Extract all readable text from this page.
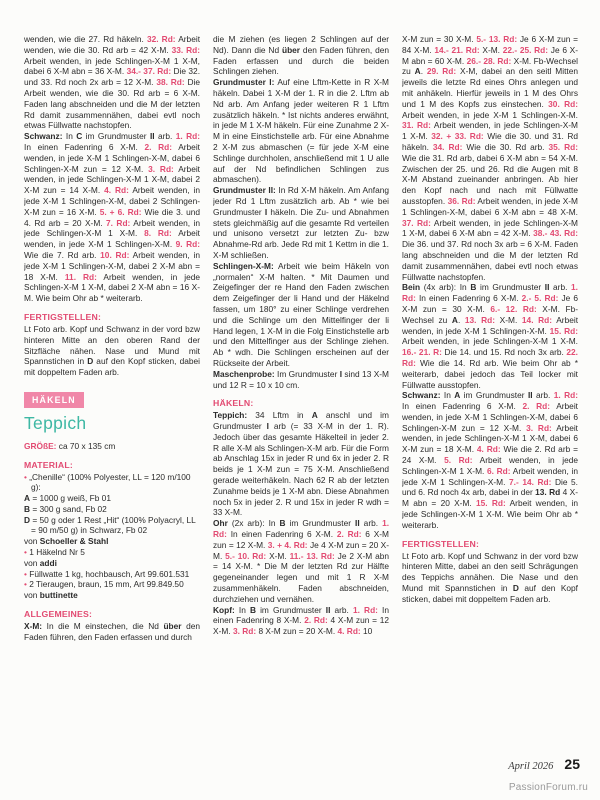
wenden, wie die 27. Rd häkeln. 32. Rd: Arbeit wenden, wie die 30. Rd arb = 42 X-M. 33. Rd: Arbeit wenden, in jede Schlingen-X-M 1 X-M, dabei 6 X-M abn = 36 X-M. 34.- 37. Rd: Die 32. und 33. Rd noch 2x arb = 12 X-M. 38. Rd: Die Arbeit wenden, wie die 30. Rd arb = 6 X-M. Faden lang abschneiden und die M der letzten Rd damit zusammennähen, dabei evtl noch etwas Füllwatte nachstopfen.

Schwanz: In C im Grundmuster II arb. 1. Rd: In einen Fadenring 6 X-M. 2. Rd: Arbeit wenden, in jede X-M 1 Schlingen-X-M, dabei 6 Schlingen-X-M zun = 12 X-M. 3. Rd: Arbeit wenden, in jede Schlingen-X-M 1 X-M, dabei 2 X-M zun = 14 X-M. 4. Rd: Arbeit wenden, in jede X-M 1 Schlingen-X-M, dabei 2 Schlingen-X-M zun = 16 X-M. 5. + 6. Rd: Wie die 3. und 4. Rd arb = 20 X-M. 7. Rd: Arbeit wenden, in jede Schlingen-X-M 1 X-M. 8. Rd: Arbeit wenden, in jede X-M 1 Schlingen-X-M. 9. Rd: Wie die 7. Rd arb. 10. Rd: Arbeit wenden, in jede X-M 1 Schlingen-X-M, dabei 2 X-M abn = 18 X-M. 11. Rd: Arbeit wenden, in jede Schlingen-X-M 1 X-M, dabei 2 X-M abn = 16 X-M. Wie beim Ohr ab * weiterarb.

FERTIGSTELLEN:

Lt Foto arb. Kopf und Schwanz in der vord bzw hinteren Mitte an den oberen Rand der Sitzfläche nähen. Nase und Mund mit Spannstichen in D auf den Kopf sticken, dabei mit doppeltem Faden arb.

HÄKELN
Teppich

GRÖßE: ca 70 x 135 cm

MATERIAL:

• „Chenille“ (100% Polyester, LL = 120 m/100 g):

A = 1000 g weiß, Fb 01

B = 300 g sand, Fb 02

D = 50 g oder 1 Rest „Hit“ (100% Polyacryl, LL = 90 m/50 g) in Schwarz, Fb 02

von Schoeller & Stahl

• 1 Häkelnd Nr 5

von addi

• Füllwatte 1 kg, hochbausch, Art 99.601.531

• 2 Tieraugen, braun, 15 mm, Art 99.849.50

von buttinette

ALLGEMEINES:

X-M: In die M einstechen, die Nd über den Faden führen, den Faden erfassen und durch

die M ziehen (es liegen 2 Schlingen auf der Nd). Dann die Nd über den Faden führen, den Faden erfassen und durch die beiden Schlingen ziehen.

Grundmuster I: Auf eine Lftm-Kette in R X-M häkeln. Dabei 1 X-M der 1. R in die 2. Lftm ab Nd arb. Am Anfang jeder weiteren R 1 Lftm zusätzlich häkeln. * Ist nichts anderes erwähnt, in jede M 1 X-M häkeln. Für eine Zunahme 2 X-M in eine Einstichstelle arb. Für eine Abnahme 2 X-M zus abmaschen (= für jede X-M eine Schlinge durchholen, anschließend mit 1 U alle auf der Nd befindlichen Schlingen zus abmaschen).

Grundmuster II: In Rd X-M häkeln. Am Anfang jeder Rd 1 Lftm zusätzlich arb. Ab * wie bei Grundmuster I häkeln. Die Zu- und Abnahmen stets gleichmäßig auf die gesamte Rd verteilen und unisono versetzt zur letzten Zu- bzw Abnahme-Rd arb. Jede Rd mit 1 Kettm in die 1. X-M schließen.

Schlingen-X-M: Arbeit wie beim Häkeln von „normalen“ X-M halten. * Mit Daumen und Zeigefinger der re Hand den Faden zwischen dem Zeigefinger der li Hand und der Häkelnd fassen, um 180° zu einer Schlinge verdrehen und die Schlinge um den Mittelfinger der li Hand legen, 1 X-M in die Folg Einstichstelle arb und den Mittelfinger aus der Schlinge ziehen. Ab * wdh. Die Schlingen erscheinen auf der Rückseite der Arbeit.

Maschenprobe: Im Grundmuster I sind 13 X-M und 12 R = 10 x 10 cm.

HÄKELN:

Teppich: 34 Lftm in A anschl und im Grundmuster I arb (= 33 X-M in der 1. R). Jedoch über das gesamte Häkelteil in jeder 2. R alle X-M als Schlingen-X-M arb. Für die Form ab Anschlag 15x in jeder R und 6x in jeder 2. R beids je 1 X-M zun = 75 X-M. Anschließend gerade weiterhäkeln. Nach 62 R ab der letzten Zunahme beids je 1 X-M abn. Diese Abnahmen noch 5x in jeder 2. R und 15x in jeder R wdh = 33 X-M.

Ohr (2x arb): In B im Grundmuster II arb. 1. Rd: In einen Fadenring 6 X-M. 2. Rd: 6 X-M zun = 12 X-M. 3. + 4. Rd: Je 4 X-M zun = 20 X-M. 5.- 10. Rd: X-M. 11.- 13. Rd: Je 2 X-M abn = 14 X-M. * Die M der letzten Rd zur Hälfte gegeneinander legen und mit 1 R X-M zusammenhäkeln. Faden abschneiden, durchziehen und vernähen.

Kopf: In B im Grundmuster II arb. 1. Rd: In einen Fadenring 8 X-M. 2. Rd: 4 X-M zun = 12 X-M. 3. Rd: 8 X-M zun = 20 X-M. 4. Rd: 10

X-M zun = 30 X-M. 5.- 13. Rd: Je 6 X-M zun = 84 X-M. 14.- 21. Rd: X-M. 22.- 25. Rd: Je 6 X-M abn = 60 X-M. 26.- 28. Rd: X-M. Fb-Wechsel zu A. 29. Rd: X-M, dabei an den seitl Mitten jeweils die letzte Rd eines Ohrs anlegen und mit anhäkeln. Hierfür jeweils in 1 M des Ohrs und 1 M des Kopfs zus einstechen. 30. Rd: Arbeit wenden, in jede X-M 1 Schlingen-X-M. 31. Rd: Arbeit wenden, in jede Schlingen-X-M 1 X-M. 32. + 33. Rd: Wie die 30. und 31. Rd häkeln. 34. Rd: Wie die 30. Rd arb. 35. Rd: Wie die 31. Rd arb, dabei 6 X-M abn = 54 X-M. Zwischen der 25. und 26. Rd die Augen mit 8 X-M Abstand zueinander anbringen. Ab hier den Kopf nach und nach mit Füllwatte ausstopfen. 36. Rd: Arbeit wenden, in jede X-M 1 Schlingen-X-M, dabei 6 X-M abn = 48 X-M. 37. Rd: Arbeit wenden, in jede Schlingen-X-M 1 X-M, dabei 6 X-M abn = 42 X-M. 38.- 43. Rd: Die 36. und 37. Rd noch 3x arb = 6 X-M. Faden lang abschneiden und die M der letzten Rd damit zusammennähen, dabei evtl noch etwas Füllwatte nachstopfen.

Bein (4x arb): In B im Grundmuster II arb. 1. Rd: In einen Fadenring 6 X-M. 2.- 5. Rd: Je 6 X-M zun = 30 X-M. 6.- 12. Rd: X-M. Fb-Wechsel zu A. 13. Rd: X-M. 14. Rd: Arbeit wenden, in jede X-M 1 Schlingen-X-M. 15. Rd: Arbeit wenden, in jede Schlingen-X-M 1 X-M. 16.- 21. R: Die 14. und 15. Rd noch 3x arb. 22. Rd: Wie die 14. Rd arb. Wie beim Ohr ab * weiterarb, dabei jedoch das Teil locker mit Füllwatte ausstopfen.

Schwanz: In A im Grundmuster II arb. 1. Rd: In einen Fadenring 6 X-M. 2. Rd: Arbeit wenden, in jede X-M 1 Schlingen-X-M, dabei 6 Schlingen-X-M zun = 12 X-M. 3. Rd: Arbeit wenden, in jede Schlingen-X-M 1 X-M, dabei 6 X-M zun = 18 X-M. 4. Rd: Wie die 2. Rd arb = 24 X-M. 5. Rd: Arbeit wenden, in jede Schlingen-X-M 1 X-M. 6. Rd: Arbeit wenden, in jede X-M 1 Schlingen-X-M. 7.- 14. Rd: Die 5. und 6. Rd noch 4x arb, dabei in der 13. Rd 4 X-M abn = 20 X-M. 15. Rd: Arbeit wenden, in jede Schlingen-X-M 1 X-M. Wie beim Ohr ab * weiterarb.

FERTIGSTELLEN:

Lt Foto arb. Kopf und Schwanz in der vord bzw hinteren Mitte, dabei an den seitl Schrägungen des Teppichs annähen. Die Nase und den Mund mit Spannstichen in D auf den Kopf sticken, dabei mit doppeltem Faden arb.

April 2026 25
PassionForum.ru
